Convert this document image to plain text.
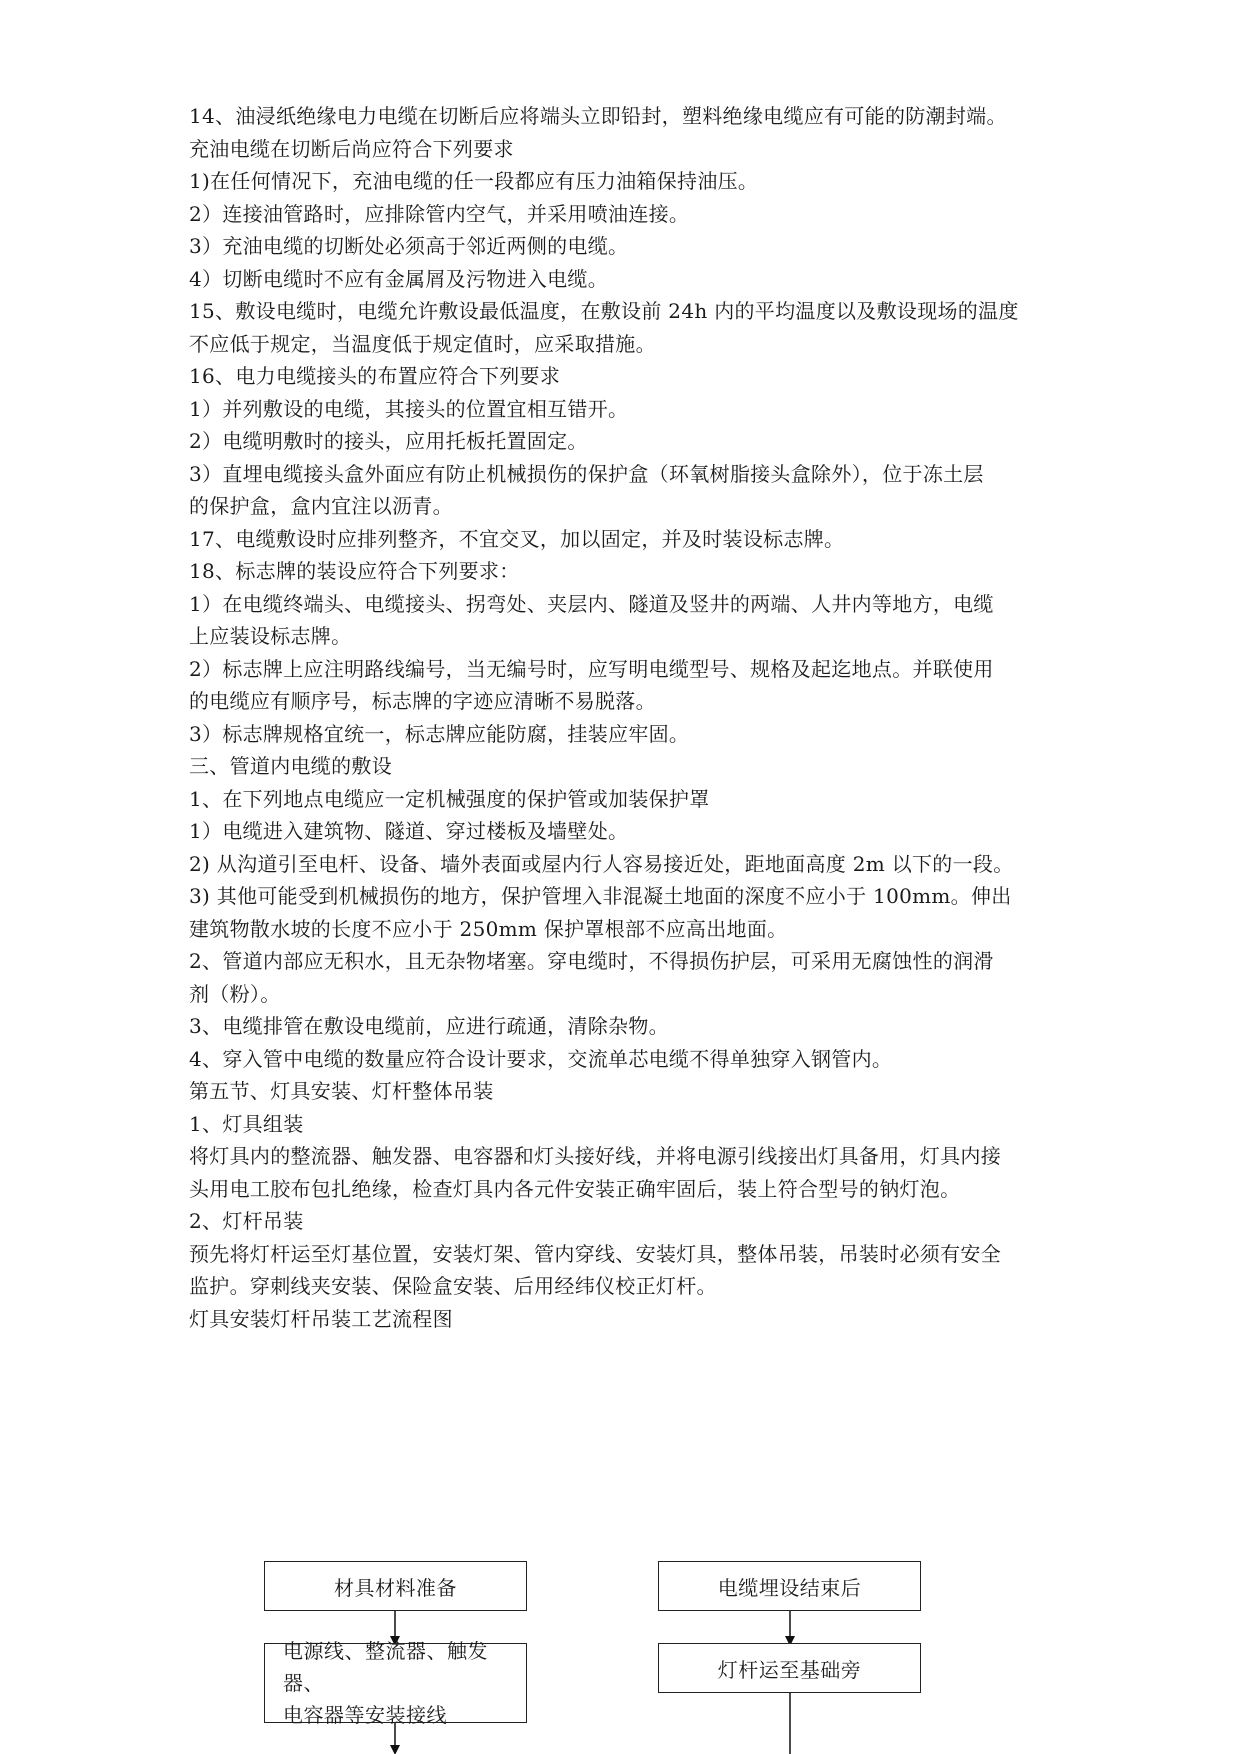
14、油浸纸绝缘电力电缆在切断后应将端头立即铅封，塑料绝缘电缆应有可能的防潮封端。
充油电缆在切断后尚应符合下列要求
1)在任何情况下，充油电缆的任一段都应有压力油箱保持油压。
2）连接油管路时，应排除管内空气，并采用喷油连接。
3）充油电缆的切断处必须高于邻近两侧的电缆。
4）切断电缆时不应有金属屑及污物进入电缆。
15、敷设电缆时，电缆允许敷设最低温度，在敷设前 24h 内的平均温度以及敷设现场的温度
不应低于规定，当温度低于规定值时，应采取措施。
16、电力电缆接头的布置应符合下列要求
1）并列敷设的电缆，其接头的位置宜相互错开。
2）电缆明敷时的接头，应用托板托置固定。
3）直埋电缆接头盒外面应有防止机械损伤的保护盒（环氧树脂接头盒除外），位于冻土层
的保护盒，盒内宜注以沥青。
17、电缆敷设时应排列整齐，不宜交叉，加以固定，并及时装设标志牌。
18、标志牌的装设应符合下列要求：
1）在电缆终端头、电缆接头、拐弯处、夹层内、隧道及竖井的两端、人井内等地方，电缆
上应装设标志牌。
2）标志牌上应注明路线编号，当无编号时，应写明电缆型号、规格及起迄地点。并联使用
的电缆应有顺序号，标志牌的字迹应清晰不易脱落。
3）标志牌规格宜统一，标志牌应能防腐，挂装应牢固。
三、管道内电缆的敷设
1、在下列地点电缆应一定机械强度的保护管或加装保护罩
1）电缆进入建筑物、隧道、穿过楼板及墙壁处。
2) 从沟道引至电杆、设备、墙外表面或屋内行人容易接近处，距地面高度 2m 以下的一段。
3) 其他可能受到机械损伤的地方，保护管埋入非混凝土地面的深度不应小于 100mm。伸出
建筑物散水坡的长度不应小于 250mm 保护罩根部不应高出地面。
2、管道内部应无积水，且无杂物堵塞。穿电缆时，不得损伤护层，可采用无腐蚀性的润滑
剂（粉）。
3、电缆排管在敷设电缆前，应进行疏通，清除杂物。
4、穿入管中电缆的数量应符合设计要求，交流单芯电缆不得单独穿入钢管内。
第五节、灯具安装、灯杆整体吊装
1、灯具组装
将灯具内的整流器、触发器、电容器和灯头接好线，并将电源引线接出灯具备用，灯具内接
头用电工胶布包扎绝缘，检查灯具内各元件安装正确牢固后，装上符合型号的钠灯泡。
2、灯杆吊装
预先将灯杆运至灯基位置，安装灯架、管内穿线、安装灯具，整体吊装，吊装时必须有安全
监护。穿刺线夹安装、保险盒安装、后用经纬仪校正灯杆。
灯具安装灯杆吊装工艺流程图
材具材料准备
电源线、整流器、触发器、
电容器等安装接线
电缆埋设结束后
灯杆运至基础旁
